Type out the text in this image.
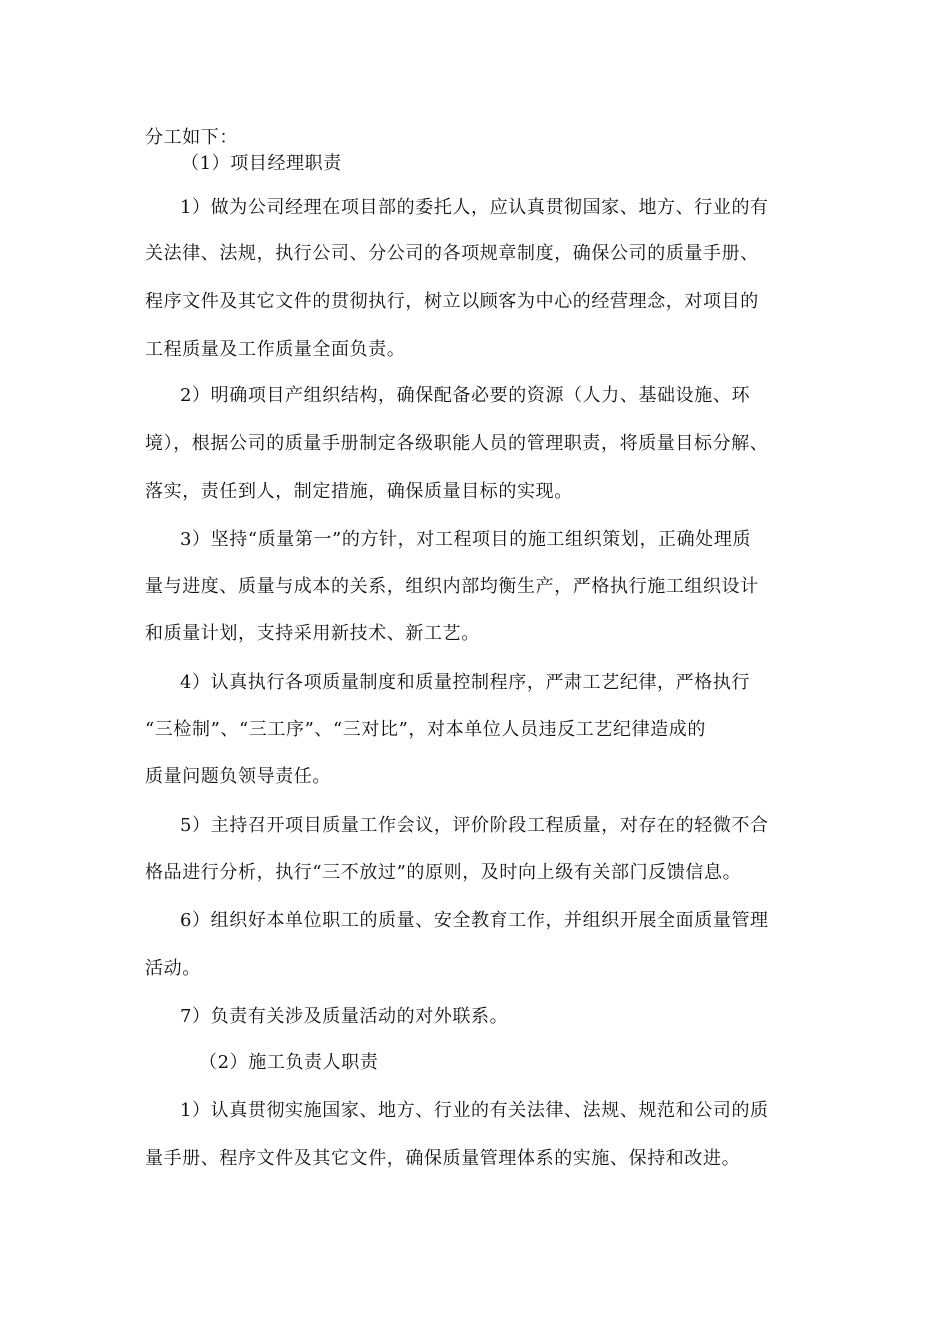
分工如下：
（1）项目经理职责
1）做为公司经理在项目部的委托人，应认真贯彻国家、地方、行业的有
关法律、法规，执行公司、分公司的各项规章制度，确保公司的质量手册、
程序文件及其它文件的贯彻执行，树立以顾客为中心的经营理念，对项目的
工程质量及工作质量全面负责。
2）明确项目产组织结构，确保配备必要的资源（人力、基础设施、环
境），根据公司的质量手册制定各级职能人员的管理职责，将质量目标分解、
落实，责任到人，制定措施，确保质量目标的实现。
3）坚持“质量第一”的方针，对工程项目的施工组织策划，正确处理质
量与进度、质量与成本的关系，组织内部均衡生产，严格执行施工组织设计
和质量计划，支持采用新技术、新工艺。
4）认真执行各项质量制度和质量控制程序，严肃工艺纪律，严格执行
“三检制”、“三工序”、“三对比”，对本单位人员违反工艺纪律造成的
质量问题负领导责任。
5）主持召开项目质量工作会议，评价阶段工程质量，对存在的轻微不合
格品进行分析，执行“三不放过”的原则，及时向上级有关部门反馈信息。
6）组织好本单位职工的质量、安全教育工作，并组织开展全面质量管理
活动。
7）负责有关涉及质量活动的对外联系。
（2）施工负责人职责
1）认真贯彻实施国家、地方、行业的有关法律、法规、规范和公司的质
量手册、程序文件及其它文件，确保质量管理体系的实施、保持和改进。
